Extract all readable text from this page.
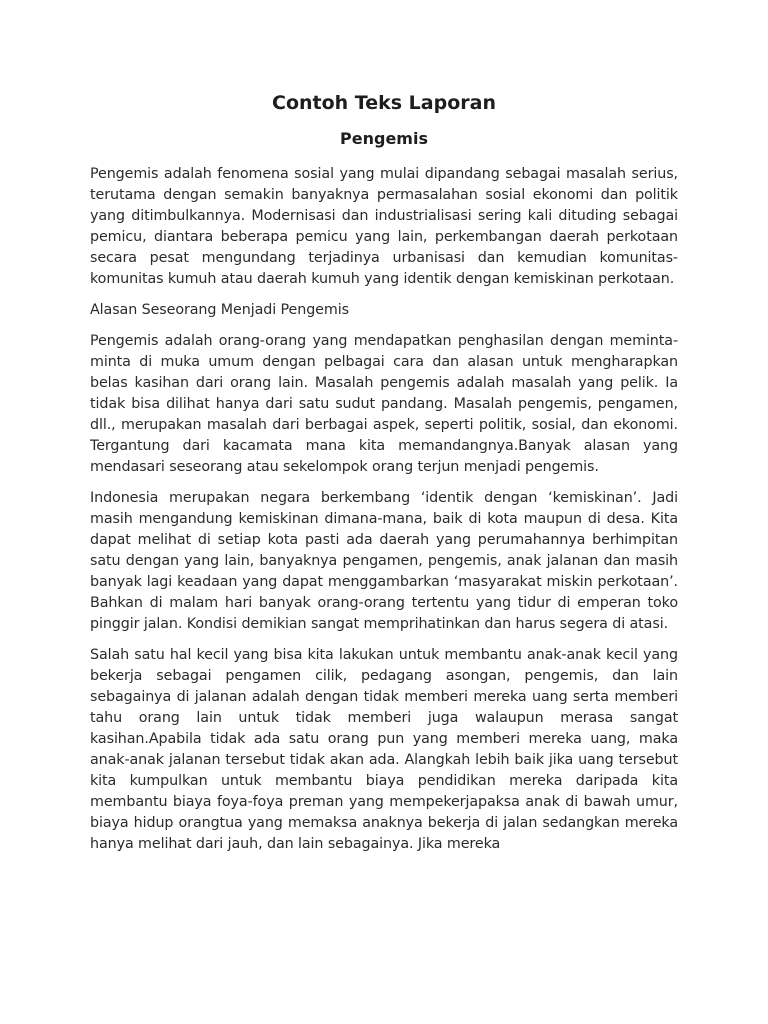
Contoh Teks Laporan
Pengemis

Pengemis adalah fenomena sosial yang mulai dipandang sebagai masalah serius, terutama dengan semakin banyaknya permasalahan sosial ekonomi dan politik yang ditimbulkannya. Modernisasi dan industrialisasi sering kali dituding sebagai pemicu, diantara beberapa pemicu yang lain, perkembangan daerah perkotaan secara pesat mengundang terjadinya urbanisasi dan kemudian komunitas-komunitas kumuh atau daerah kumuh yang identik dengan kemiskinan perkotaan.

Alasan Seseorang Menjadi Pengemis

Pengemis adalah orang-orang yang mendapatkan penghasilan dengan meminta-minta di muka umum dengan pelbagai cara dan alasan untuk mengharapkan belas kasihan dari orang lain. Masalah pengemis adalah masalah yang pelik. Ia tidak bisa dilihat hanya dari satu sudut pandang. Masalah pengemis, pengamen, dll., merupakan masalah dari berbagai aspek, seperti politik, sosial, dan ekonomi. Tergantung dari kacamata mana kita memandangnya.Banyak alasan yang mendasari seseorang atau sekelompok orang terjun menjadi pengemis.

Indonesia merupakan negara berkembang ‘identik dengan ‘kemiskinan’. Jadi masih mengandung kemiskinan dimana-mana, baik di kota maupun di desa. Kita dapat melihat di setiap kota pasti ada daerah yang perumahannya berhimpitan satu dengan yang lain, banyaknya pengamen, pengemis, anak jalanan dan masih banyak lagi keadaan yang dapat menggambarkan ‘masyarakat miskin perkotaan’. Bahkan di malam hari banyak orang-orang tertentu yang tidur di emperan toko pinggir jalan. Kondisi demikian sangat memprihatinkan dan harus segera di atasi.

Salah satu hal kecil yang bisa kita lakukan untuk membantu anak-anak kecil yang bekerja sebagai pengamen cilik, pedagang asongan, pengemis, dan lain sebagainya di jalanan adalah dengan tidak memberi mereka uang serta memberi tahu orang lain untuk tidak memberi juga walaupun merasa sangat kasihan.Apabila tidak ada satu orang pun yang memberi mereka uang, maka anak-anak jalanan tersebut tidak akan ada. Alangkah lebih baik jika uang tersebut kita kumpulkan untuk membantu biaya pendidikan mereka daripada kita membantu biaya foya-foya preman yang mempekerjapaksa anak di bawah umur, biaya hidup orangtua yang memaksa anaknya bekerja di jalan sedangkan mereka hanya melihat dari jauh, dan lain sebagainya. Jika mereka
